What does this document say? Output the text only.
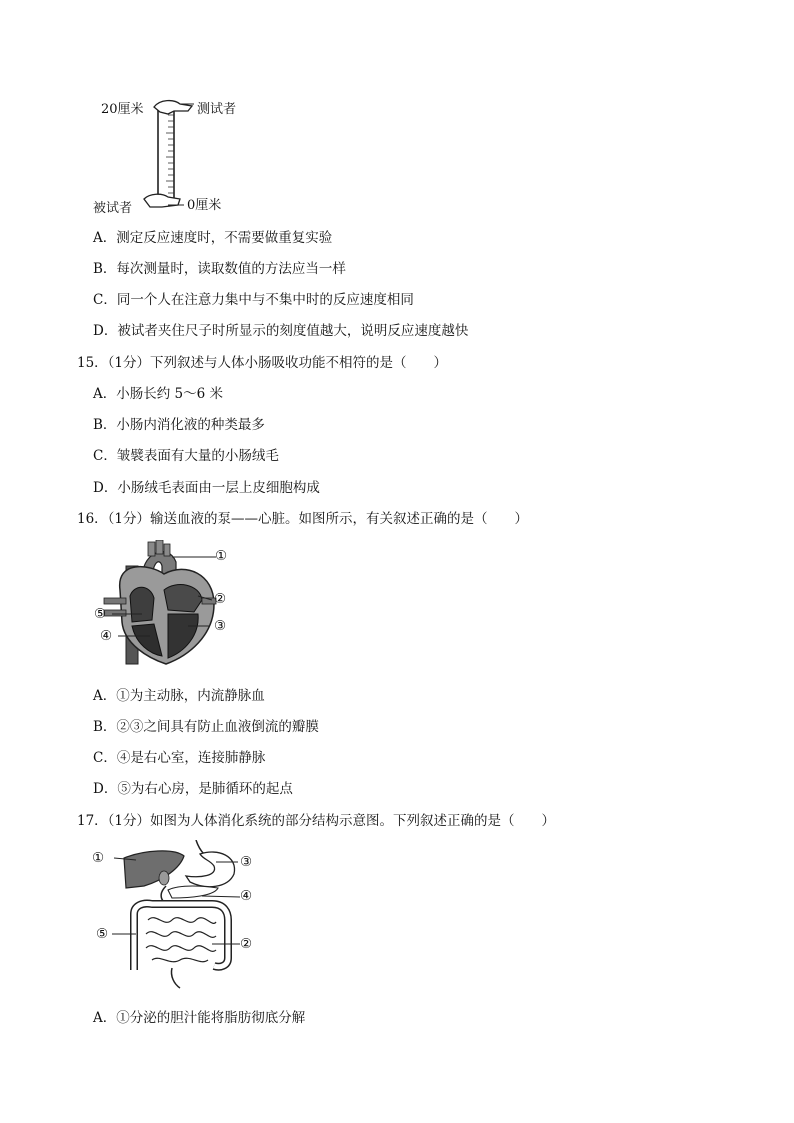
20厘米	测试者
被试者	0厘米
A．测定反应速度时，不需要做重复实验
B．每次测量时，读取数值的方法应当一样
C．同一个人在注意力集中与不集中时的反应速度相同
D．被试者夹住尺子时所显示的刻度值越大，说明反应速度越快
15．（1分）下列叙述与人体小肠吸收功能不相符的是（　　）
A．小肠长约 5～6 米
B．小肠内消化液的种类最多
C．皱襞表面有大量的小肠绒毛
D．小肠绒毛表面由一层上皮细胞构成
16．（1分）输送血液的泵——心脏。如图所示，有关叙述正确的是（　　）
①
②
③
④
⑤
A．①为主动脉，内流静脉血
B．②③之间具有防止血液倒流的瓣膜
C．④是右心室，连接肺静脉
D．⑤为右心房，是肺循环的起点
17．（1分）如图为人体消化系统的部分结构示意图。下列叙述正确的是（　　）
①	③
④
⑤
②
A．①分泌的胆汁能将脂肪彻底分解
